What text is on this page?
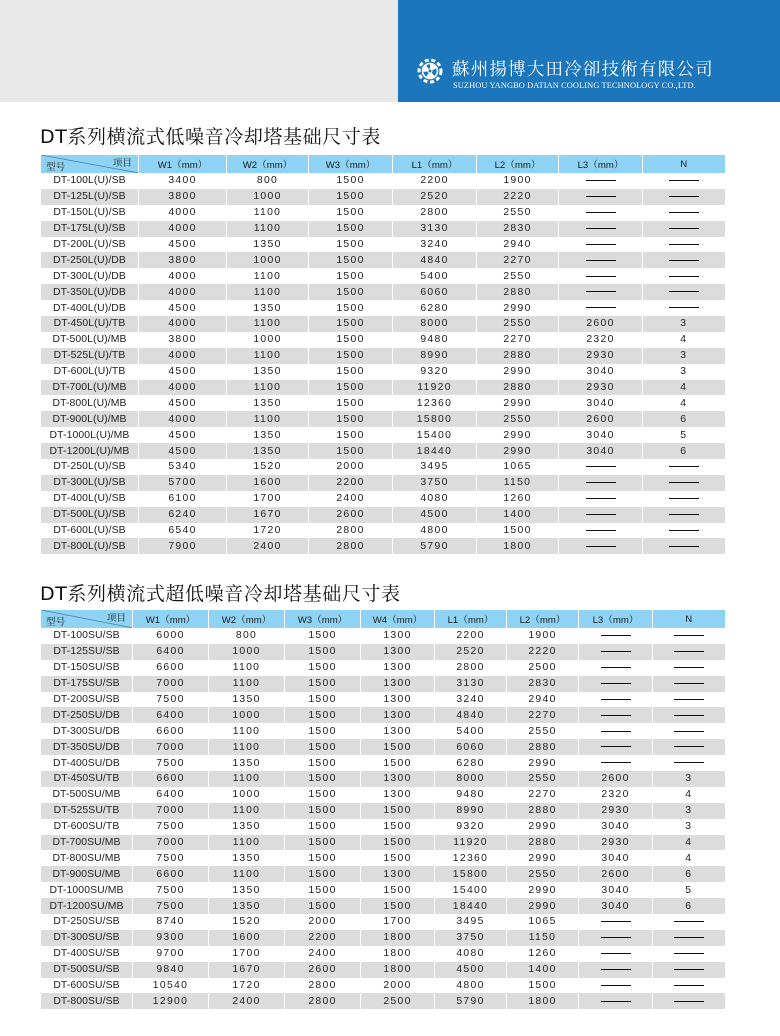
蘇州揚博大田冷卻技術有限公司
SUZHOU YANGBO DATIAN COOLING TECHNOLOGY CO.,LTD.
DT系列横流式低噪音冷却塔基础尺寸表
项目
型号	W1（mm）	W2（mm）	W3（mm）	L1（mm）	L2（mm）	L3（mm）	N
DT-100L(U)/SB	3400	800	1500	2200	1900		
DT-125L(U)/SB	3800	1000	1500	2520	2220		
DT-150L(U)/SB	4000	1100	1500	2800	2550		
DT-175L(U)/SB	4000	1100	1500	3130	2830		
DT-200L(U)/SB	4500	1350	1500	3240	2940		
DT-250L(U)/DB	3800	1000	1500	4840	2270		
DT-300L(U)/DB	4000	1100	1500	5400	2550		
DT-350L(U)/DB	4000	1100	1500	6060	2880		
DT-400L(U)/DB	4500	1350	1500	6280	2990		
DT-450L(U)/TB	4000	1100	1500	8000	2550	2600	3
DT-500L(U)/MB	3800	1000	1500	9480	2270	2320	4
DT-525L(U)/TB	4000	1100	1500	8990	2880	2930	3
DT-600L(U)/TB	4500	1350	1500	9320	2990	3040	3
DT-700L(U)/MB	4000	1100	1500	11920	2880	2930	4
DT-800L(U)/MB	4500	1350	1500	12360	2990	3040	4
DT-900L(U)/MB	4000	1100	1500	15800	2550	2600	6
DT-1000L(U)/MB	4500	1350	1500	15400	2990	3040	5
DT-1200L(U)/MB	4500	1350	1500	18440	2990	3040	6
DT-250L(U)/SB	5340	1520	2000	3495	1065		
DT-300L(U)/SB	5700	1600	2200	3750	1150		
DT-400L(U)/SB	6100	1700	2400	4080	1260		
DT-500L(U)/SB	6240	1670	2600	4500	1400		
DT-600L(U)/SB	6540	1720	2800	4800	1500		
DT-800L(U)/SB	7900	2400	2800	5790	1800		
DT系列横流式超低噪音冷却塔基础尺寸表
项目
型号	W1（mm）	W2（mm）	W3（mm）	W4（mm）	L1（mm）	L2（mm）	L3（mm）	N
DT-100SU/SB	6000	800	1500	1300	2200	1900		
DT-125SU/SB	6400	1000	1500	1300	2520	2220		
DT-150SU/SB	6600	1100	1500	1300	2800	2500		
DT-175SU/SB	7000	1100	1500	1300	3130	2830		
DT-200SU/SB	7500	1350	1500	1300	3240	2940		
DT-250SU/DB	6400	1000	1500	1300	4840	2270		
DT-300SU/DB	6600	1100	1500	1300	5400	2550		
DT-350SU/DB	7000	1100	1500	1500	6060	2880		
DT-400SU/DB	7500	1350	1500	1500	6280	2990		
DT-450SU/TB	6600	1100	1500	1300	8000	2550	2600	3
DT-500SU/MB	6400	1000	1500	1300	9480	2270	2320	4
DT-525SU/TB	7000	1100	1500	1500	8990	2880	2930	3
DT-600SU/TB	7500	1350	1500	1500	9320	2990	3040	3
DT-700SU/MB	7000	1100	1500	1500	11920	2880	2930	4
DT-800SU/MB	7500	1350	1500	1500	12360	2990	3040	4
DT-900SU/MB	6600	1100	1500	1300	15800	2550	2600	6
DT-1000SU/MB	7500	1350	1500	1500	15400	2990	3040	5
DT-1200SU/MB	7500	1350	1500	1500	18440	2990	3040	6
DT-250SU/SB	8740	1520	2000	1700	3495	1065		
DT-300SU/SB	9300	1600	2200	1800	3750	1150		
DT-400SU/SB	9700	1700	2400	1800	4080	1260		
DT-500SU/SB	9840	1670	2600	1800	4500	1400		
DT-600SU/SB	10540	1720	2800	2000	4800	1500		
DT-800SU/SB	12900	2400	2800	2500	5790	1800		
